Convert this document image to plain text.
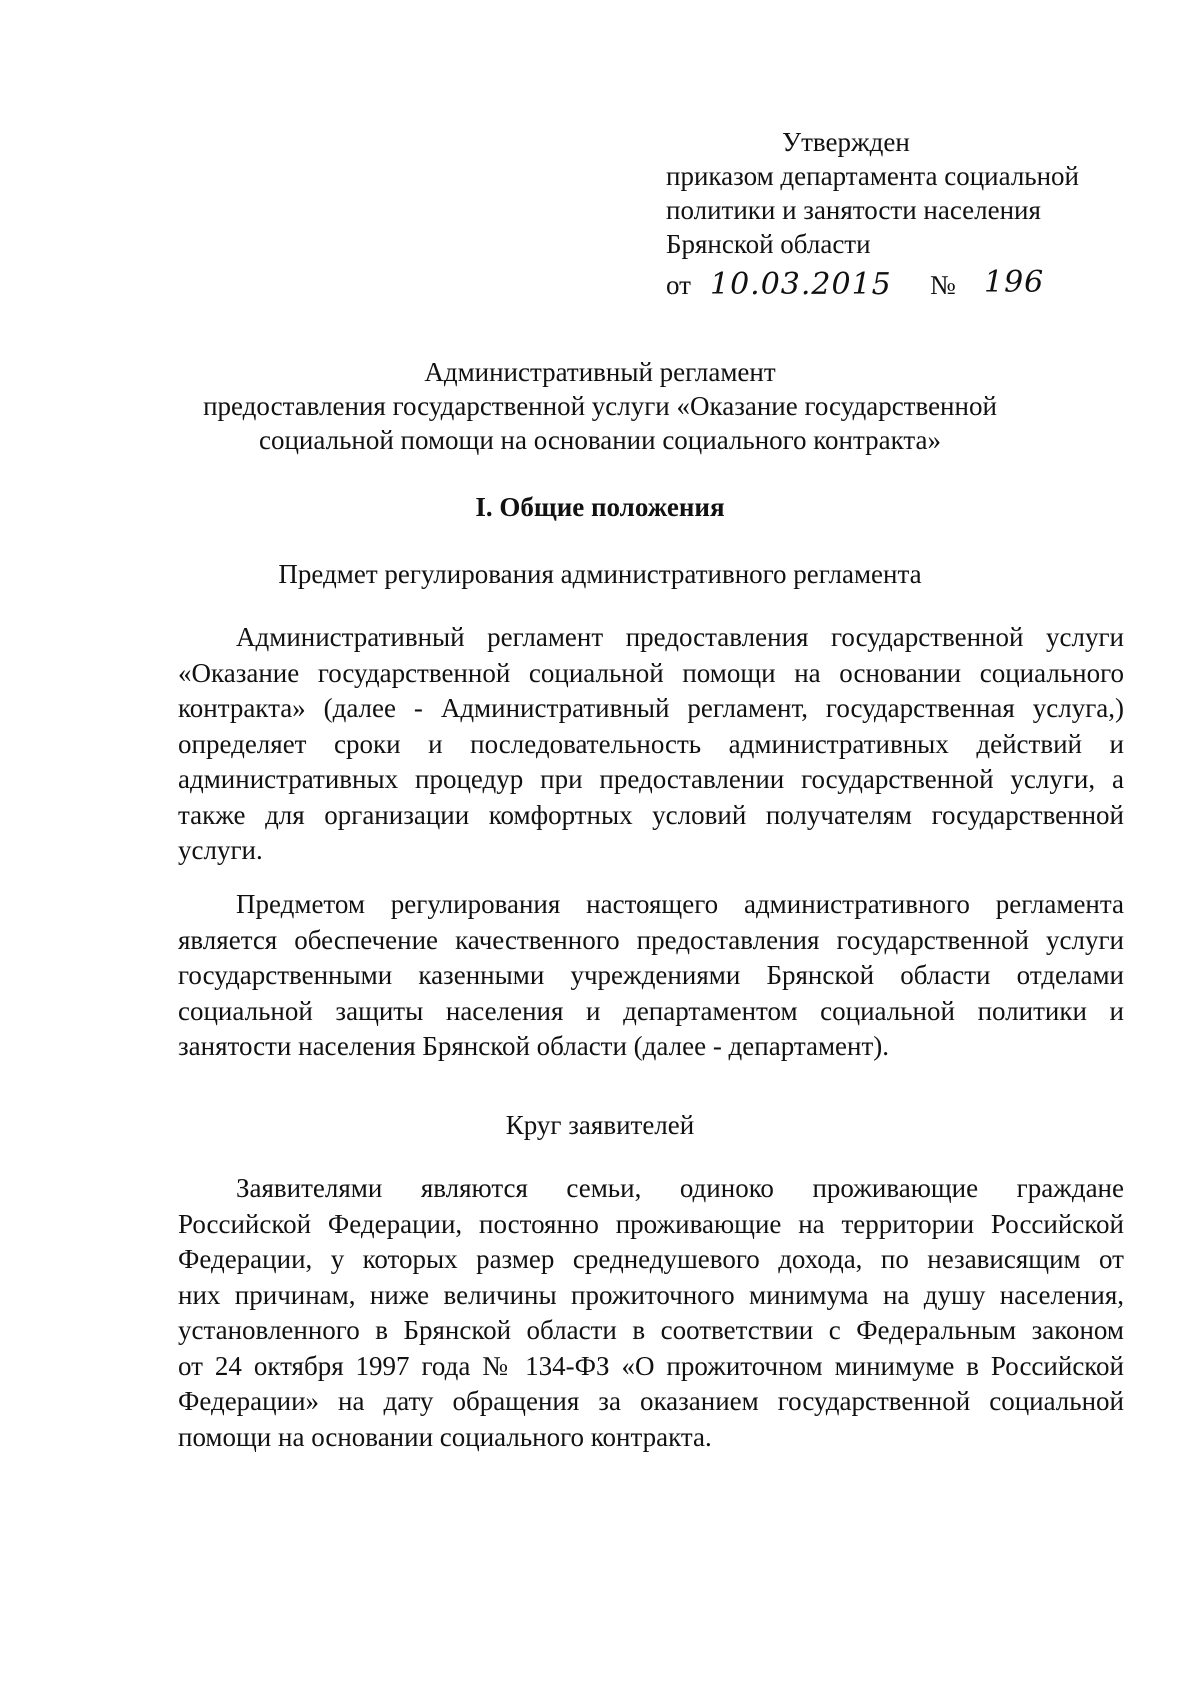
Утвержден
приказом департамента социальной
политики и занятости населения
Брянской области
от 10.03.2015 № 196
Административный регламент
предоставления государственной услуги «Оказание государственной
социальной помощи на основании социального контракта»
I. Общие положения
Предмет регулирования административного регламента
Административный регламент предоставления государственной услуги
«Оказание государственной социальной помощи на основании социального
контракта» (далее - Административный регламент, государственная услуга,)
определяет сроки и последовательность административных действий и
административных процедур при предоставлении государственной услуги, а
также для организации комфортных условий получателям государственной
услуги.
Предметом регулирования настоящего административного регламента
является обеспечение качественного предоставления государственной услуги
государственными казенными учреждениями Брянской области отделами
социальной защиты населения и департаментом социальной политики и
занятости населения Брянской области (далее - департамент).
Круг заявителей
Заявителями являются семьи, одиноко проживающие граждане
Российской Федерации, постоянно проживающие на территории Российской
Федерации, у которых размер среднедушевого дохода, по независящим от
них причинам, ниже величины прожиточного минимума на душу населения,
установленного в Брянской области в соответствии с Федеральным законом
от 24 октября 1997 года № 134-ФЗ «О прожиточном минимуме в Российской
Федерации» на дату обращения за оказанием государственной социальной
помощи на основании социального контракта.
